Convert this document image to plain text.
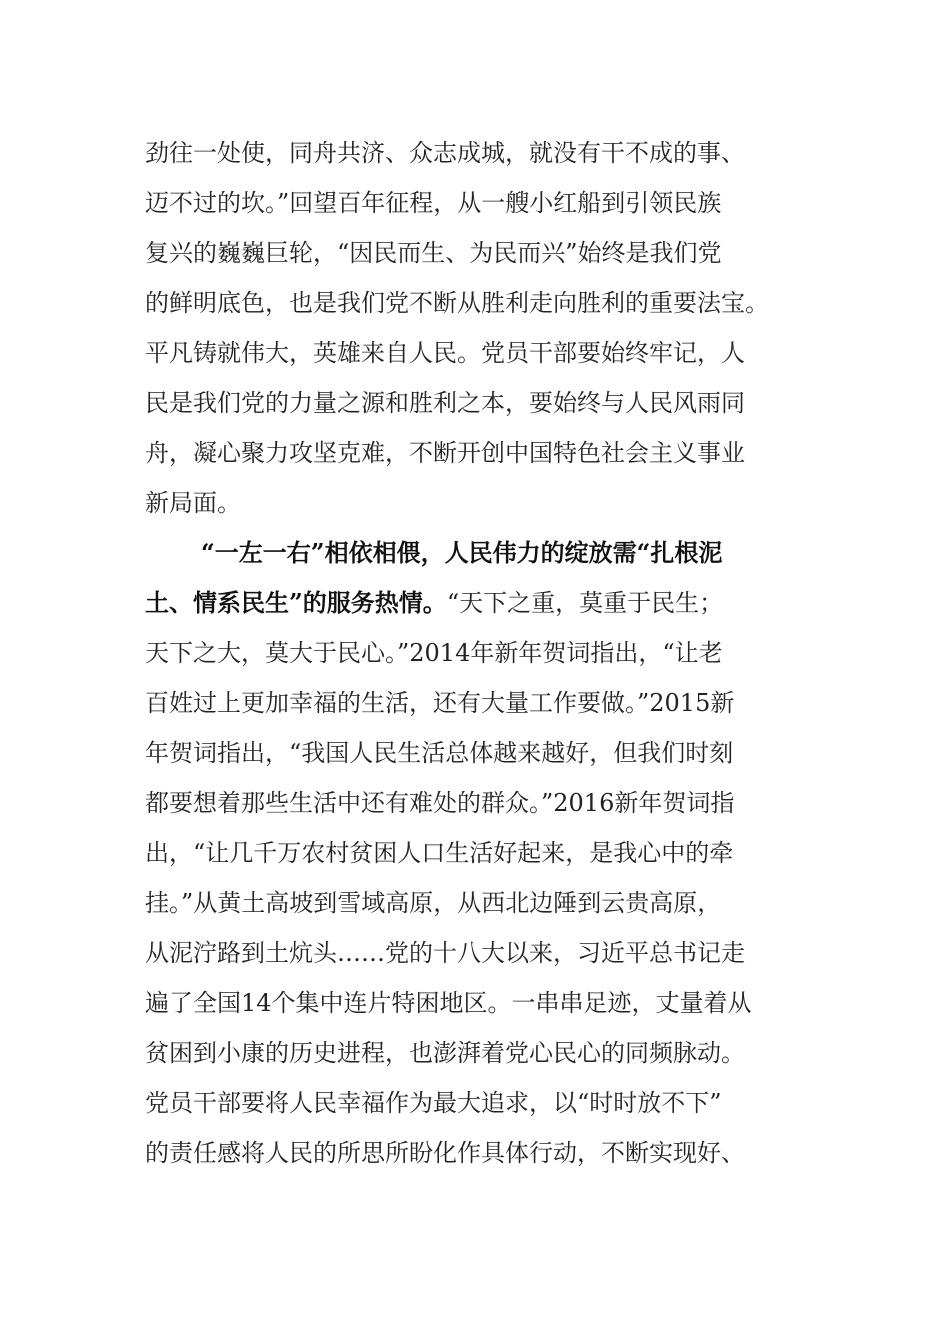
劲往一处使，同舟共济、众志成城，就没有干不成的事、
迈不过的坎。”回望百年征程，从一艘小红船到引领民族
复兴的巍巍巨轮，“因民而生、为民而兴”始终是我们党
的鲜明底色，也是我们党不断从胜利走向胜利的重要法宝。
平凡铸就伟大，英雄来自人民。党员干部要始终牢记，人
民是我们党的力量之源和胜利之本，要始终与人民风雨同
舟，凝心聚力攻坚克难，不断开创中国特色社会主义事业
新局面。
“一左一右”相依相偎，人民伟力的绽放需“扎根泥
土、情系民生”的服务热情。“天下之重，莫重于民生；
天下之大，莫大于民心。”2014年新年贺词指出，“让老
百姓过上更加幸福的生活，还有大量工作要做。”2015新
年贺词指出，“我国人民生活总体越来越好，但我们时刻
都要想着那些生活中还有难处的群众。”2016新年贺词指
出，“让几千万农村贫困人口生活好起来，是我心中的牵
挂。”从黄土高坡到雪域高原，从西北边陲到云贵高原，
从泥泞路到土炕头……党的十八大以来，习近平总书记走
遍了全国14个集中连片特困地区。一串串足迹，丈量着从
贫困到小康的历史进程，也澎湃着党心民心的同频脉动。
党员干部要将人民幸福作为最大追求，以“时时放不下”
的责任感将人民的所思所盼化作具体行动，不断实现好、
